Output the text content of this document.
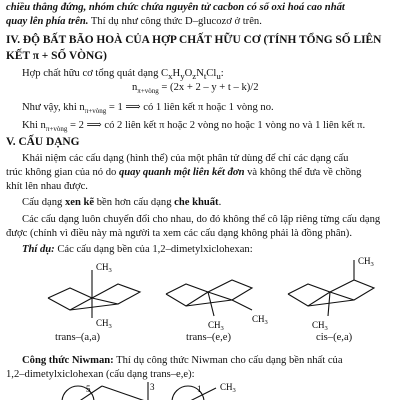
chiều thẳng đứng, nhóm chức chứa nguyên tử cacbon có số oxi hoá cao nhất
quay lên phía trên. Thí dụ như công thức D–glucozơ ở trên.
IV. ĐỘ BẤT BÃO HOÀ CỦA HỢP CHẤT HỮU CƠ (TÍNH TỔNG SỐ LIÊN
KẾT π + SỐ VÒNG)
Hợp chất hữu cơ tổng quát dạng $C_xH_yO_zN_tCl_u$:
$n_{\pi+vòng} = (2x + 2 - y + t - k)/2$
Như vậy, khi $n_{\pi+vòng} = 1$ ⟹ có 1 liên kết π hoặc 1 vòng no.
Khi $n_{\pi+vòng} = 2$ ⟹ có 2 liên kết π hoặc 2 vòng no hoặc 1 vòng no và 1 liên kết π.
V. CẤU DẠNG
Khái niệm các cấu dạng (hình thể) của một phân tử dùng để chỉ các dạng cấu
trúc không gian của nó do quay quanh một liên kết đơn và không thể đưa về chồng
khít lên nhau được.
Cấu dạng xen kẽ bền hơn cấu dạng che khuất.
Các cấu dạng luôn chuyển đổi cho nhau, do đó không thể cô lập riêng từng cấu dạng
được (chính vì điều này mà người ta xem các cấu dạng không phải là đồng phân).
Thí dụ: Các cấu dạng bền của 1,2–dimetylxiclohexan:
$CH_3$
$CH_3$
trans–(a,a)
$CH_3$
$CH_3$
trans–(e,e)
$CH_3$
$CH_3$
cis–(e,a)
Công thức Niwman: Thí dụ công thức Niwman cho cấu dạng bền nhất của
1,2–dimetylxiclohexan (cấu dạng trans–e,e):
5	3	1 $CH_3$
